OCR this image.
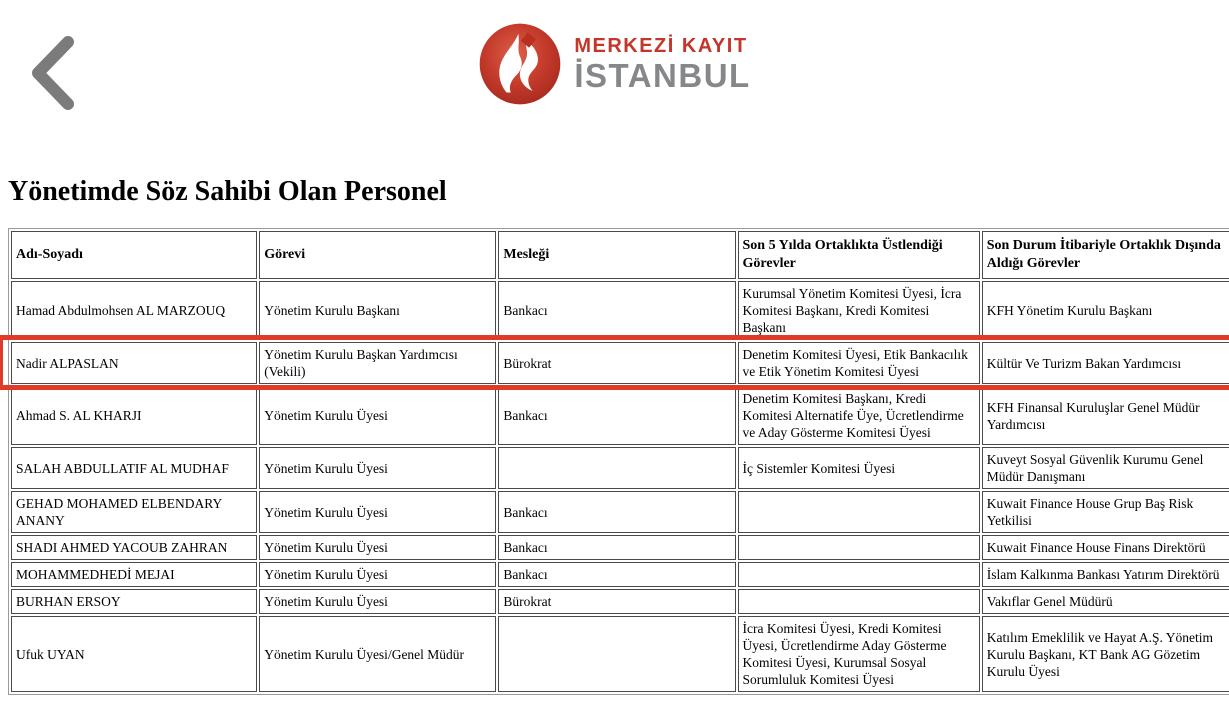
MERKEZİ KAYIT
İSTANBUL
Yönetimde Söz Sahibi Olan Personel
Adı-Soyadı	Görevi	Mesleği	Son 5 Yılda Ortaklıkta Üstlendiği Görevler	Son Durum İtibariyle Ortaklık Dışında Aldığı Görevler
Hamad Abdulmohsen AL MARZOUQ	Yönetim Kurulu Başkanı	Bankacı	Kurumsal Yönetim Komitesi Üyesi, İcra Komitesi Başkanı, Kredi Komitesi Başkanı	KFH Yönetim Kurulu Başkanı
Nadir ALPASLAN	Yönetim Kurulu Başkan Yardımcısı (Vekili)	Bürokrat	Denetim Komitesi Üyesi, Etik Bankacılık ve Etik Yönetim Komitesi Üyesi	Kültür Ve Turizm Bakan Yardımcısı
Ahmad S. AL KHARJI	Yönetim Kurulu Üyesi	Bankacı	Denetim Komitesi Başkanı, Kredi Komitesi Alternatife Üye, Ücretlendirme ve Aday Gösterme Komitesi Üyesi	KFH Finansal Kuruluşlar Genel Müdür Yardımcısı
SALAH ABDULLATIF AL MUDHAF	Yönetim Kurulu Üyesi		İç Sistemler Komitesi Üyesi	Kuveyt Sosyal Güvenlik Kurumu Genel Müdür Danışmanı
GEHAD MOHAMED ELBENDARY ANANY	Yönetim Kurulu Üyesi	Bankacı		Kuwait Finance House Grup Baş Risk Yetkilisi
SHADI AHMED YACOUB ZAHRAN	Yönetim Kurulu Üyesi	Bankacı		Kuwait Finance House Finans Direktörü
MOHAMMEDHEDİ MEJAI	Yönetim Kurulu Üyesi	Bankacı		İslam Kalkınma Bankası Yatırım Direktörü
BURHAN ERSOY	Yönetim Kurulu Üyesi	Bürokrat		Vakıflar Genel Müdürü
Ufuk UYAN	Yönetim Kurulu Üyesi/Genel Müdür		İcra Komitesi Üyesi, Kredi Komitesi Üyesi, Ücretlendirme Aday Gösterme Komitesi Üyesi, Kurumsal Sosyal Sorumluluk Komitesi Üyesi	Katılım Emeklilik ve Hayat A.Ş. Yönetim Kurulu Başkanı, KT Bank AG Gözetim Kurulu Üyesi
